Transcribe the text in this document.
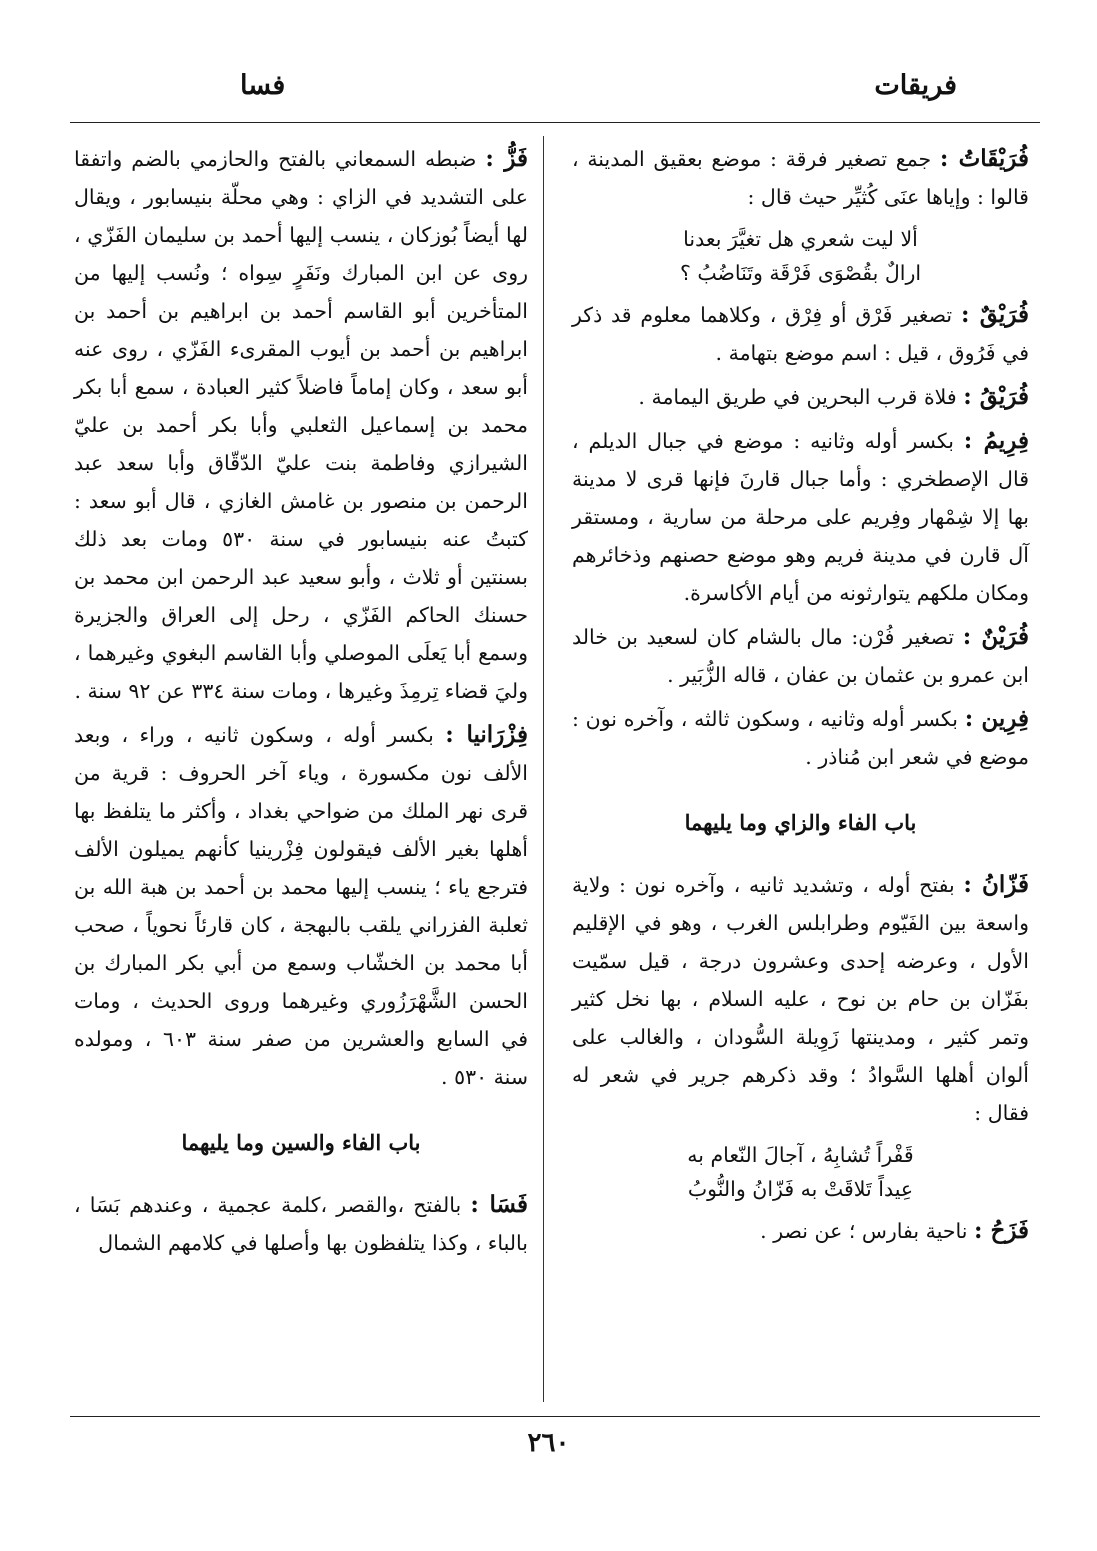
فريقات
فسا

فُرَيْقَاتُ : جمع تصغير فرقة : موضع بعقيق المدينة ، قالوا : وإياها عنَى كُثيِّر حيث قال :

ألا ليت شعري هل تغيَّرَ بعدنا
ارالٌ بقُصْوَى فَرْقَة وتَنَاضُبُ ؟

فُرَيْقٌ : تصغير فَرْق أو فِرْق ، وكلاهما معلوم قد ذكر في فَرُوق ، قيل : اسم موضع بتهامة .

فُرَيْقُ : فلاة قرب البحرين في طريق اليمامة .

فِرِيمُ : بكسر أوله وثانيه : موضع في جبال الديلم ، قال الإصطخري : وأما جبال قارنَ فإنها قرى لا مدينة بها إلا شِمْهار وفِريم على مرحلة من سارية ، ومستقر آل قارن في مدينة فريم وهو موضع حصنهم وذخائرهم ومكان ملكهم يتوارثونه من أيام الأكاسرة.

فُرَيْنٌ : تصغير فُرْن: مال بالشام كان لسعيد بن خالد ابن عمرو بن عثمان بن عفان ، قاله الزُّبَير .

فِرِين : بكسر أوله وثانيه ، وسكون ثالثه ، وآخره نون : موضع في شعر ابن مُناذر .

باب الفاء والزاي وما يليهما

فَزّانُ : بفتح أوله ، وتشديد ثانيه ، وآخره نون : ولاية واسعة بين الفَيّوم وطرابلس الغرب ، وهو في الإقليم الأول ، وعرضه إحدى وعشرون درجة ، قيل سمّيت بفَزّان بن حام بن نوح ، عليه السلام ، بها نخل كثير وتمر كثير ، ومدينتها زَوِيلة السُّودان ، والغالب على ألوان أهلها السَّوادُ ؛ وقد ذكرهم جرير في شعر له فقال :

قَفْراً تُشابِهُ ، آجالَ النّعام به
عِيداً تَلاقَتْ به فَزّانُ والنُّوبُ

فَزَحُ : ناحية بفارس ؛ عن نصر .

فَزُّ : ضبطه السمعاني بالفتح والحازمي بالضم واتفقا على التشديد في الزاي : وهي محلّة بنيسابور ، ويقال لها أيضاً بُوزكان ، ينسب إليها أحمد بن سليمان الفَزّي ، روى عن ابن المبارك ونَفَرٍ سِواه ؛ ونُسب إليها من المتأخرين أبو القاسم أحمد بن ابراهيم بن أحمد بن ابراهيم بن أحمد بن أيوب المقرىء الفَزّي ، روى عنه أبو سعد ، وكان إماماً فاضلاً كثير العبادة ، سمع أبا بكر محمد بن إسماعيل الثعلبي وأبا بكر أحمد بن عليّ الشيرازي وفاطمة بنت عليّ الدّقّاق وأبا سعد عبد الرحمن بن منصور بن غامش الغازي ، قال أبو سعد : كتبتُ عنه بنيسابور في سنة ٥٣٠ ومات بعد ذلك بسنتين أو ثلاث ، وأبو سعيد عبد الرحمن ابن محمد بن حسنك الحاكم الفَزّي ، رحل إلى العراق والجزيرة وسمع أبا يَعلَى الموصلي وأبا القاسم البغوي وغيرهما ، وليَ قضاء تِرمِذَ وغيرها ، ومات سنة ٣٣٤ عن ٩٢ سنة .

فِزْرَانيا : بكسر أوله ، وسكون ثانيه ، وراء ، وبعد الألف نون مكسورة ، وياء آخر الحروف : قرية من قرى نهر الملك من ضواحي بغداد ، وأكثر ما يتلفظ بها أهلها بغير الألف فيقولون فِزْرينيا كأنهم يميلون الألف فترجع ياء ؛ ينسب إليها محمد بن أحمد بن هبة الله بن ثعلبة الفزراني يلقب بالبهجة ، كان قارئاً نحوياً ، صحب أبا محمد بن الخشّاب وسمع من أبي بكر المبارك بن الحسن الشَّهْرَزُوري وغيرهما وروى الحديث ، ومات في السابع والعشرين من صفر سنة ٦٠٣ ، ومولده سنة ٥٣٠ .

باب الفاء والسين وما يليهما

فَسَا : بالفتح ،والقصر ،كلمة عجمية ، وعندهم بَسَا ، بالباء ، وكذا يتلفظون بها وأصلها في كلامهم الشمال

٢٦٠
